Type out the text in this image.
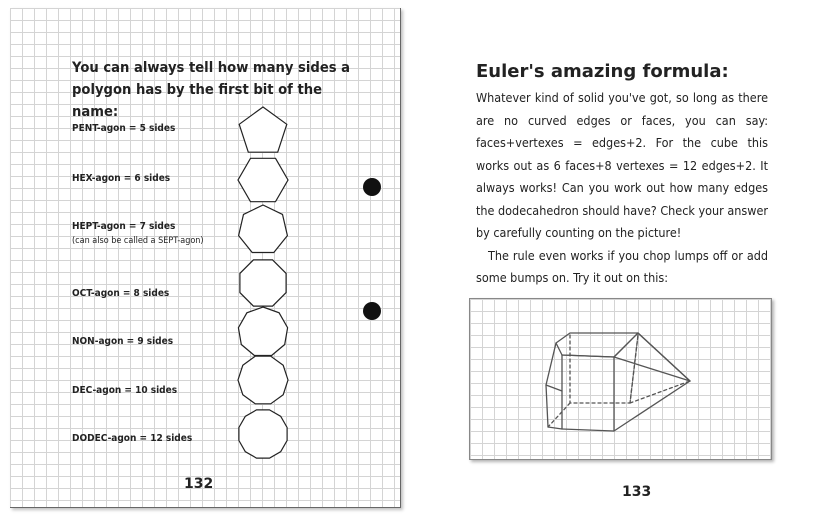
You can always tell how many sides a polygon has by the first bit of the name:
PENT-agon = 5 sides
HEX-agon = 6 sides
HEPT-agon = 7 sides
(can also be called a SEPT-agon)
OCT-agon = 8 sides
NON-agon = 9 sides
DEC-agon = 10 sides
DODEC-agon = 12 sides
132
Euler's amazing formula:

Whatever kind of solid you've got, so long as there are no curved edges or faces, you can say: faces+vertexes = edges+2. For the cube this works out as 6 faces+8 vertexes = 12 edges+2. It always works! Can you work out how many edges the dodecahedron should have? Check your answer by carefully counting on the picture!

The rule even works if you chop lumps off or add some bumps on. Try it out on this:

133
